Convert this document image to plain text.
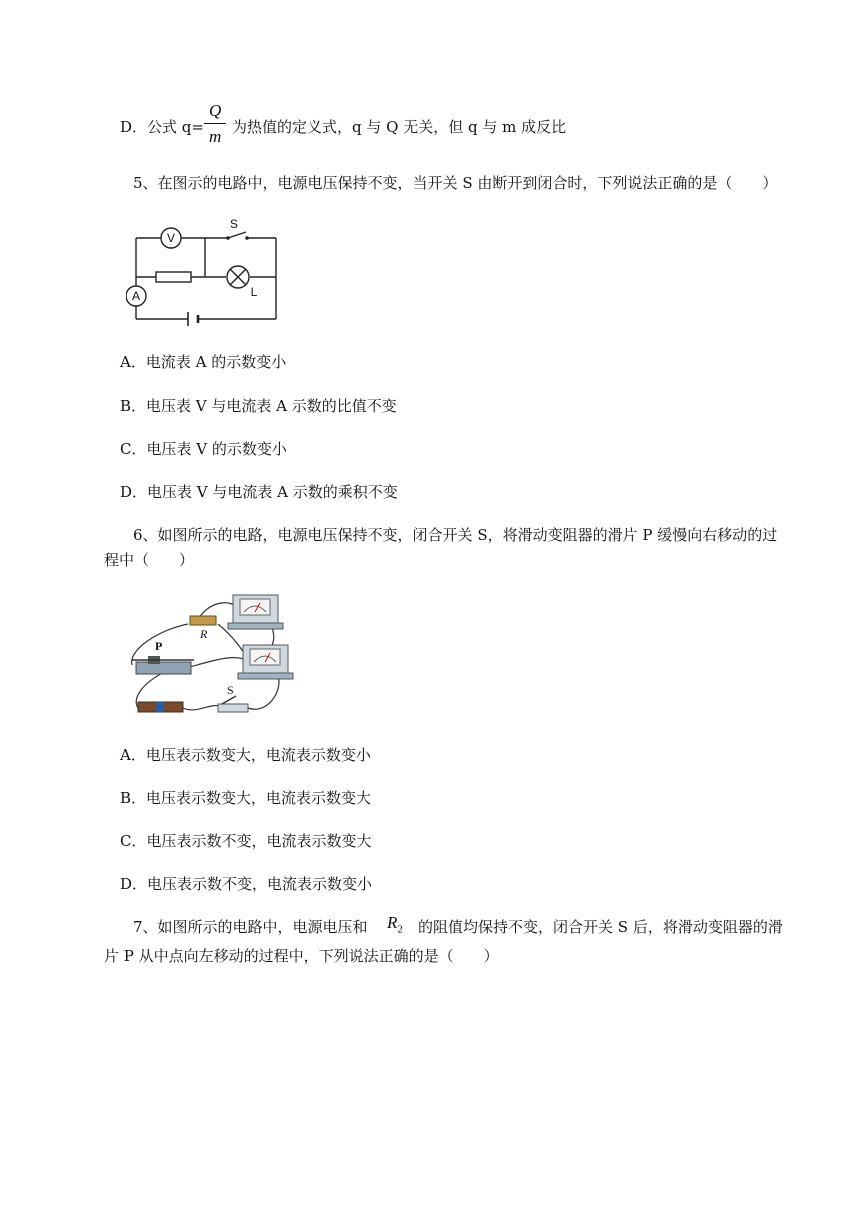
D．公式 q=
Q
m 为热值的定义式，q 与 Q 无关，但 q 与 m 成反比
5、在图示的电路中，电源电压保持不变，当开关 S 由断开到闭合时，下列说法正确的是（　　）
V
A
S
L
A．电流表 A 的示数变小
B．电压表 V 与电流表 A 示数的比值不变
C．电压表 V 的示数变小
D．电压表 V 与电流表 A 示数的乘积不变
6、如图所示的电路，电源电压保持不变，闭合开关 S，将滑动变阻器的滑片 P 缓慢向右移动的过
程中（　　）
P
R
S
A．电压表示数变大，电流表示数变小
B．电压表示数变大，电流表示数变大
C．电压表示数不变，电流表示数变大
D．电压表示数不变，电流表示数变小
7、如图所示的电路中，电源电压和 $R_2$ 的阻值均保持不变，闭合开关 S 后，将滑动变阻器的滑
片 P 从中点向左移动的过程中，下列说法正确的是（　　）
